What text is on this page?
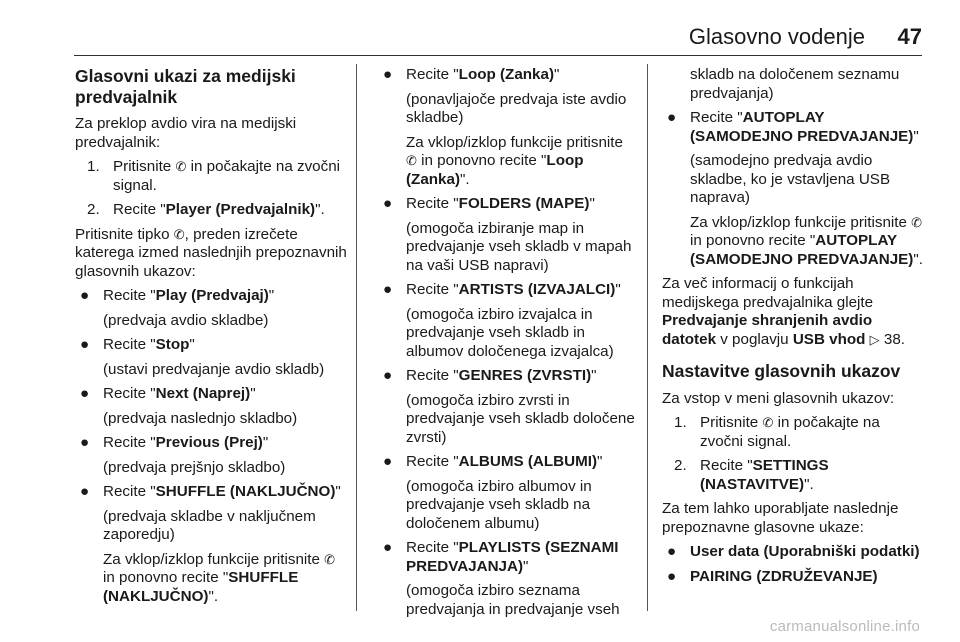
Glasovno vodenje 47
Glasovni ukazi za medijski predvajalnik

Za preklop avdio vira na medijski predvajalnik:

1. Pritisnite ✆ in počakajte na zvočni signal.
2. Recite "Player (Predvajalnik)".

Pritisnite tipko ✆, preden izrečete katerega izmed naslednjih prepoznavnih glasovnih ukazov:

● Recite "Play (Predvajaj)"
(predvaja avdio skladbe)
● Recite "Stop"
(ustavi predvajanje avdio skladb)
● Recite "Next (Naprej)"
(predvaja naslednjo skladbo)
● Recite "Previous (Prej)"
(predvaja prejšnjo skladbo)
● Recite "SHUFFLE (NAKLJUČNO)"
(predvaja skladbe v naključnem zaporedju)
Za vklop/izklop funkcije pritisnite ✆ in ponovno recite "SHUFFLE (NAKLJUČNO)".
● Recite "Loop (Zanka)"
(ponavljajoče predvaja iste avdio skladbe)
Za vklop/izklop funkcije pritisnite ✆ in ponovno recite "Loop (Zanka)".
● Recite "FOLDERS (MAPE)"
(omogoča izbiranje map in predvajanje vseh skladb v mapah na vaši USB napravi)
● Recite "ARTISTS (IZVAJALCI)"
(omogoča izbiro izvajalca in predvajanje vseh skladb in albumov določenega izvajalca)
● Recite "GENRES (ZVRSTI)"
(omogoča izbiro zvrsti in predvajanje vseh skladb določene zvrsti)
● Recite "ALBUMS (ALBUMI)"
(omogoča izbiro albumov in predvajanje vseh skladb na določenem albumu)
● Recite "PLAYLISTS (SEZNAMI PREDVAJANJA)"
(omogoča izbiro seznama predvajanja in predvajanje vseh
skladb na določenem seznamu predvajanja)
● Recite "AUTOPLAY (SAMODEJNO PREDVAJANJE)"
(samodejno predvaja avdio skladbe, ko je vstavljena USB naprava)
Za vklop/izklop funkcije pritisnite ✆ in ponovno recite "AUTOPLAY (SAMODEJNO PREDVAJANJE)".

Za več informacij o funkcijah medijskega predvajalnika glejte Predvajanje shranjenih avdio datotek v poglavju USB vhod ▷ 38.

Nastavitve glasovnih ukazov

Za vstop v meni glasovnih ukazov:

1. Pritisnite ✆ in počakajte na zvočni signal.
2. Recite "SETTINGS (NASTAVITVE)".

Za tem lahko uporabljate naslednje prepoznavne glasovne ukaze:

● User data (Uporabniški podatki)
● PAIRING (ZDRUŽEVANJE)
carmanualsonline.info
